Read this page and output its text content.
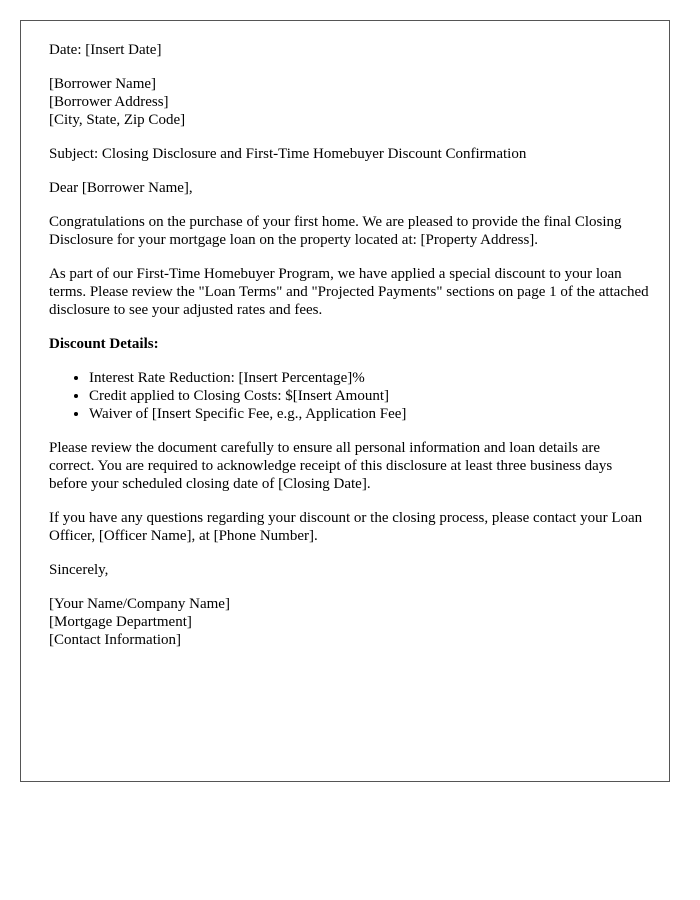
Date: [Insert Date]

[Borrower Name]

[Borrower Address]

[City, State, Zip Code]

Subject: Closing Disclosure and First-Time Homebuyer Discount Confirmation

Dear [Borrower Name],

Congratulations on the purchase of your first home. We are pleased to provide the final Closing Disclosure for your mortgage loan on the property located at: [Property Address].

As part of our First-Time Homebuyer Program, we have applied a special discount to your loan terms. Please review the "Loan Terms" and "Projected Payments" sections on page 1 of the attached disclosure to see your adjusted rates and fees.

Discount Details:

• Interest Rate Reduction: [Insert Percentage]%
• Credit applied to Closing Costs: $[Insert Amount]
• Waiver of [Insert Specific Fee, e.g., Application Fee]

Please review the document carefully to ensure all personal information and loan details are correct. You are required to acknowledge receipt of this disclosure at least three business days before your scheduled closing date of [Closing Date].

If you have any questions regarding your discount or the closing process, please contact your Loan Officer, [Officer Name], at [Phone Number].

Sincerely,

[Your Name/Company Name]

[Mortgage Department]

[Contact Information]
